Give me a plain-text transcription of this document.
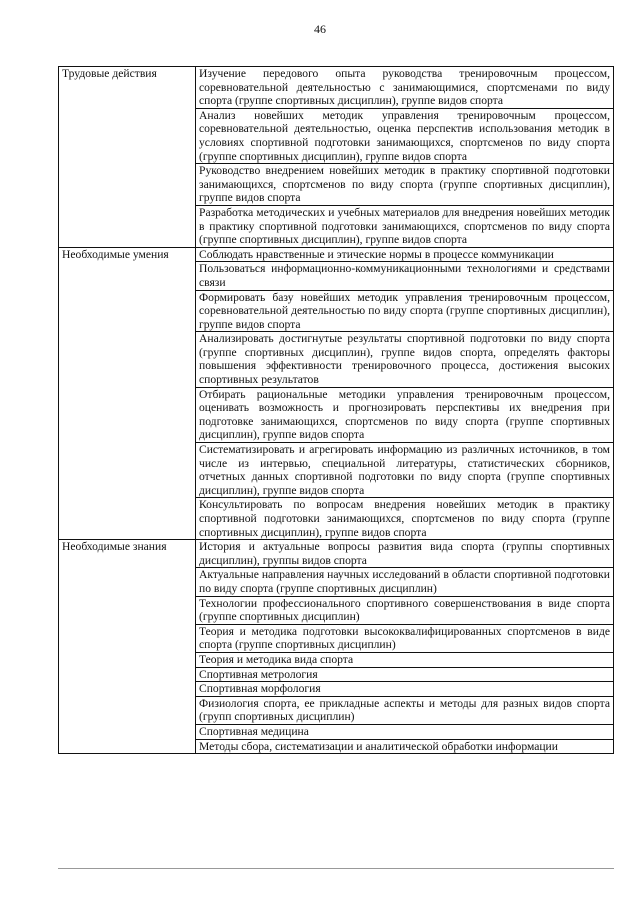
46
Трудовые действия	Изучение передового опыта руководства тренировочным процессом, соревновательной деятельностью с занимающимися, спортсменами по виду спорта (группе спортивных дисциплин), группе видов спорта
	Анализ новейших методик управления тренировочным процессом, соревновательной деятельностью, оценка перспектив использования методик в условиях спортивной подготовки занимающихся, спортсменов по виду спорта (группе спортивных дисциплин), группе видов спорта
	Руководство внедрением новейших методик в практику спортивной подготовки занимающихся, спортсменов по виду спорта (группе спортивных дисциплин), группе видов спорта
	Разработка методических и учебных материалов для внедрения новейших методик в практику спортивной подготовки занимающихся, спортсменов по виду спорта (группе спортивных дисциплин), группе видов спорта
Необходимые умения	Соблюдать нравственные и этические нормы в процессе коммуникации
	Пользоваться информационно-коммуникационными технологиями и средствами связи
	Формировать базу новейших методик управления тренировочным процессом, соревновательной деятельностью по виду спорта (группе спортивных дисциплин), группе видов спорта
	Анализировать достигнутые результаты спортивной подготовки по виду спорта (группе спортивных дисциплин), группе видов спорта, определять факторы повышения эффективности тренировочного процесса, достижения высоких спортивных результатов
	Отбирать рациональные методики управления тренировочным процессом, оценивать возможность и прогнозировать перспективы их внедрения при подготовке занимающихся, спортсменов по виду спорта (группе спортивных дисциплин), группе видов спорта
	Систематизировать и агрегировать информацию из различных источников, в том числе из интервью, специальной литературы, статистических сборников, отчетных данных спортивной подготовки по виду спорта (группе спортивных дисциплин), группе видов спорта
	Консультировать по вопросам внедрения новейших методик в практику спортивной подготовки занимающихся, спортсменов по виду спорта (группе спортивных дисциплин), группе видов спорта
Необходимые знания	История и актуальные вопросы развития вида спорта (группы спортивных дисциплин), группы видов спорта
	Актуальные направления научных исследований в области спортивной подготовки по виду спорта (группе спортивных дисциплин)
	Технологии профессионального спортивного совершенствования в виде спорта (группе спортивных дисциплин)
	Теория и методика подготовки высококвалифицированных спортсменов в виде спорта (группе спортивных дисциплин)
	Теория и методика вида спорта
	Спортивная метрология
	Спортивная морфология
	Физиология спорта, ее прикладные аспекты и методы для разных видов спорта (групп спортивных дисциплин)
	Спортивная медицина
	Методы сбора, систематизации и аналитической обработки информации
